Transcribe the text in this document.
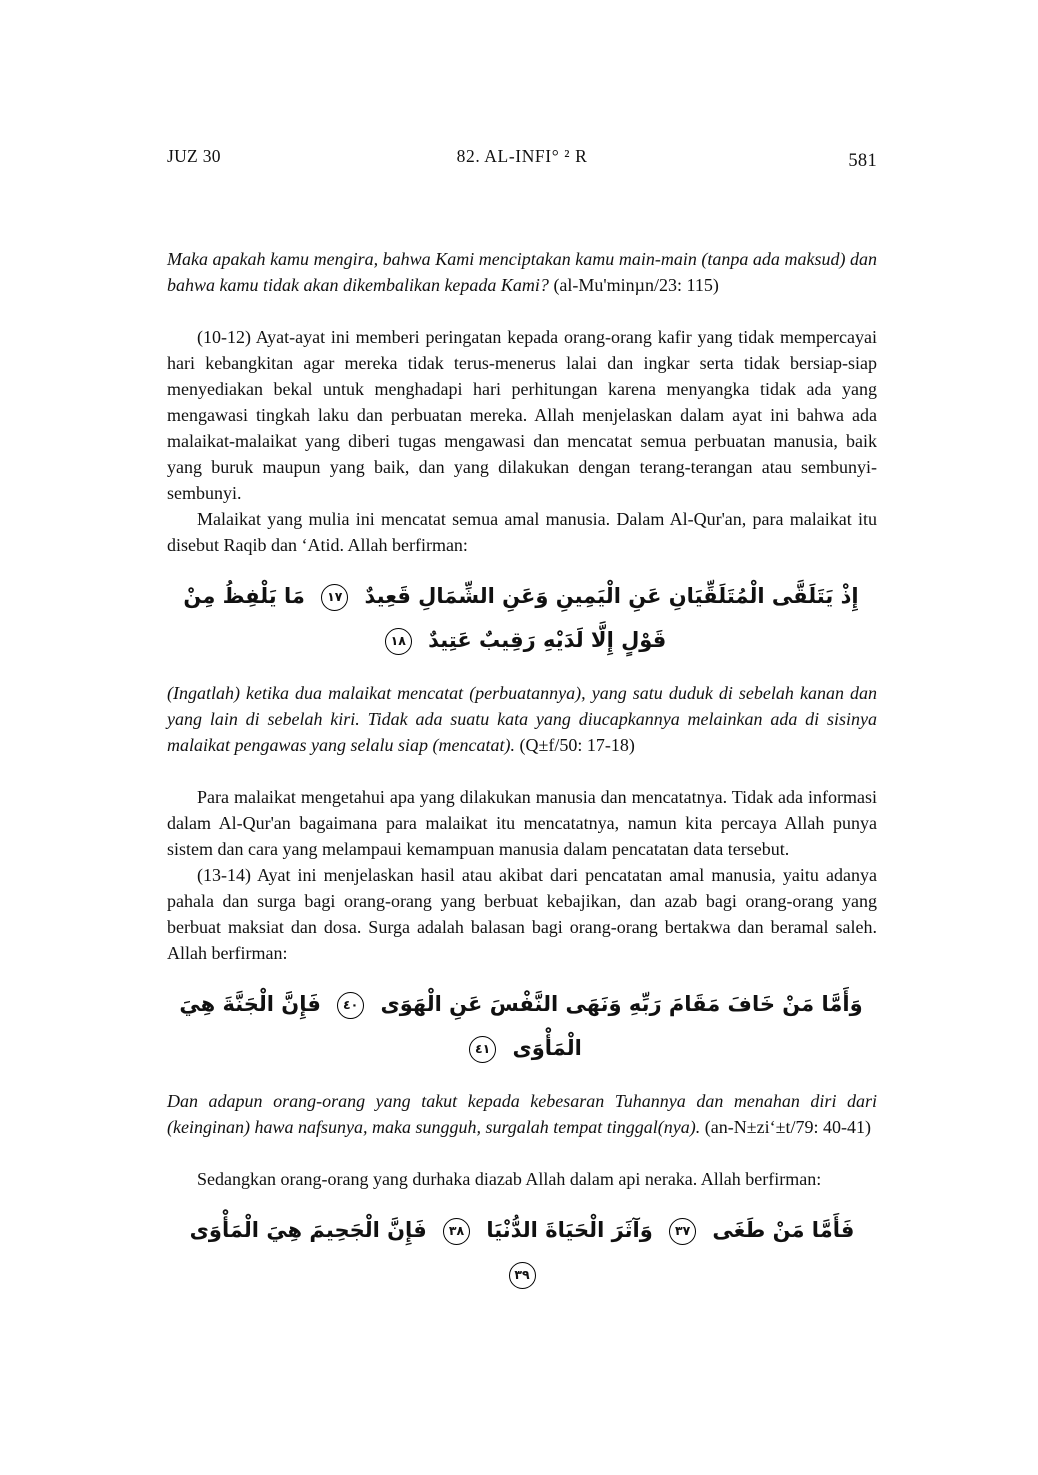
JUZ 30	82. AL-INFI° ² R	581

Maka apakah kamu mengira, bahwa Kami menciptakan kamu main-main (tanpa ada maksud) dan bahwa kamu tidak akan dikembalikan kepada Kami? (al-Mu'minµn/23: 115)

(10-12) Ayat-ayat ini memberi peringatan kepada orang-orang kafir yang tidak mempercayai hari kebangkitan agar mereka tidak terus-menerus lalai dan ingkar serta tidak bersiap-siap menyediakan bekal untuk menghadapi hari perhitungan karena menyangka tidak ada yang mengawasi tingkah laku dan perbuatan mereka. Allah menjelaskan dalam ayat ini bahwa ada malaikat-malaikat yang diberi tugas mengawasi dan mencatat semua perbuatan manusia, baik yang buruk maupun yang baik, dan yang dilakukan dengan terang-terangan atau sembunyi-sembunyi.

Malaikat yang mulia ini mencatat semua amal manusia. Dalam Al-Qur'an, para malaikat itu disebut Raqib dan ‘Atid. Allah berfirman:

إِذْ يَتَلَقَّى الْمُتَلَقِّيَانِ عَنِ الْيَمِينِ وَعَنِ الشِّمَالِ قَعِيدٌ ١٧ مَا يَلْفِظُ مِنْ قَوْلٍ إِلَّا لَدَيْهِ رَقِيبٌ عَتِيدٌ ١٨

(Ingatlah) ketika dua malaikat mencatat (perbuatannya), yang satu duduk di sebelah kanan dan yang lain di sebelah kiri. Tidak ada suatu kata yang diucapkannya melainkan ada di sisinya malaikat pengawas yang selalu siap (mencatat). (Q±f/50: 17-18)

Para malaikat mengetahui apa yang dilakukan manusia dan mencatatnya. Tidak ada informasi dalam Al-Qur'an bagaimana para malaikat itu mencatatnya, namun kita percaya Allah punya sistem dan cara yang melampaui kemampuan manusia dalam pencatatan data tersebut.

(13-14) Ayat ini menjelaskan hasil atau akibat dari pencatatan amal manusia, yaitu adanya pahala dan surga bagi orang-orang yang berbuat kebajikan, dan azab bagi orang-orang yang berbuat maksiat dan dosa. Surga adalah balasan bagi orang-orang bertakwa dan beramal saleh. Allah berfirman:

وَأَمَّا مَنْ خَافَ مَقَامَ رَبِّهِ وَنَهَى النَّفْسَ عَنِ الْهَوَى ٤٠ فَإِنَّ الْجَنَّةَ هِيَ الْمَأْوَى ٤١

Dan adapun orang-orang yang takut kepada kebesaran Tuhannya dan menahan diri dari (keinginan) hawa nafsunya, maka sungguh, surgalah tempat tinggal(nya). (an-N±zi‘±t/79: 40-41)

Sedangkan orang-orang yang durhaka diazab Allah dalam api neraka. Allah berfirman:

فَأَمَّا مَنْ طَغَى ٣٧ وَآثَرَ الْحَيَاةَ الدُّنْيَا ٣٨ فَإِنَّ الْجَحِيمَ هِيَ الْمَأْوَى ٣٩
